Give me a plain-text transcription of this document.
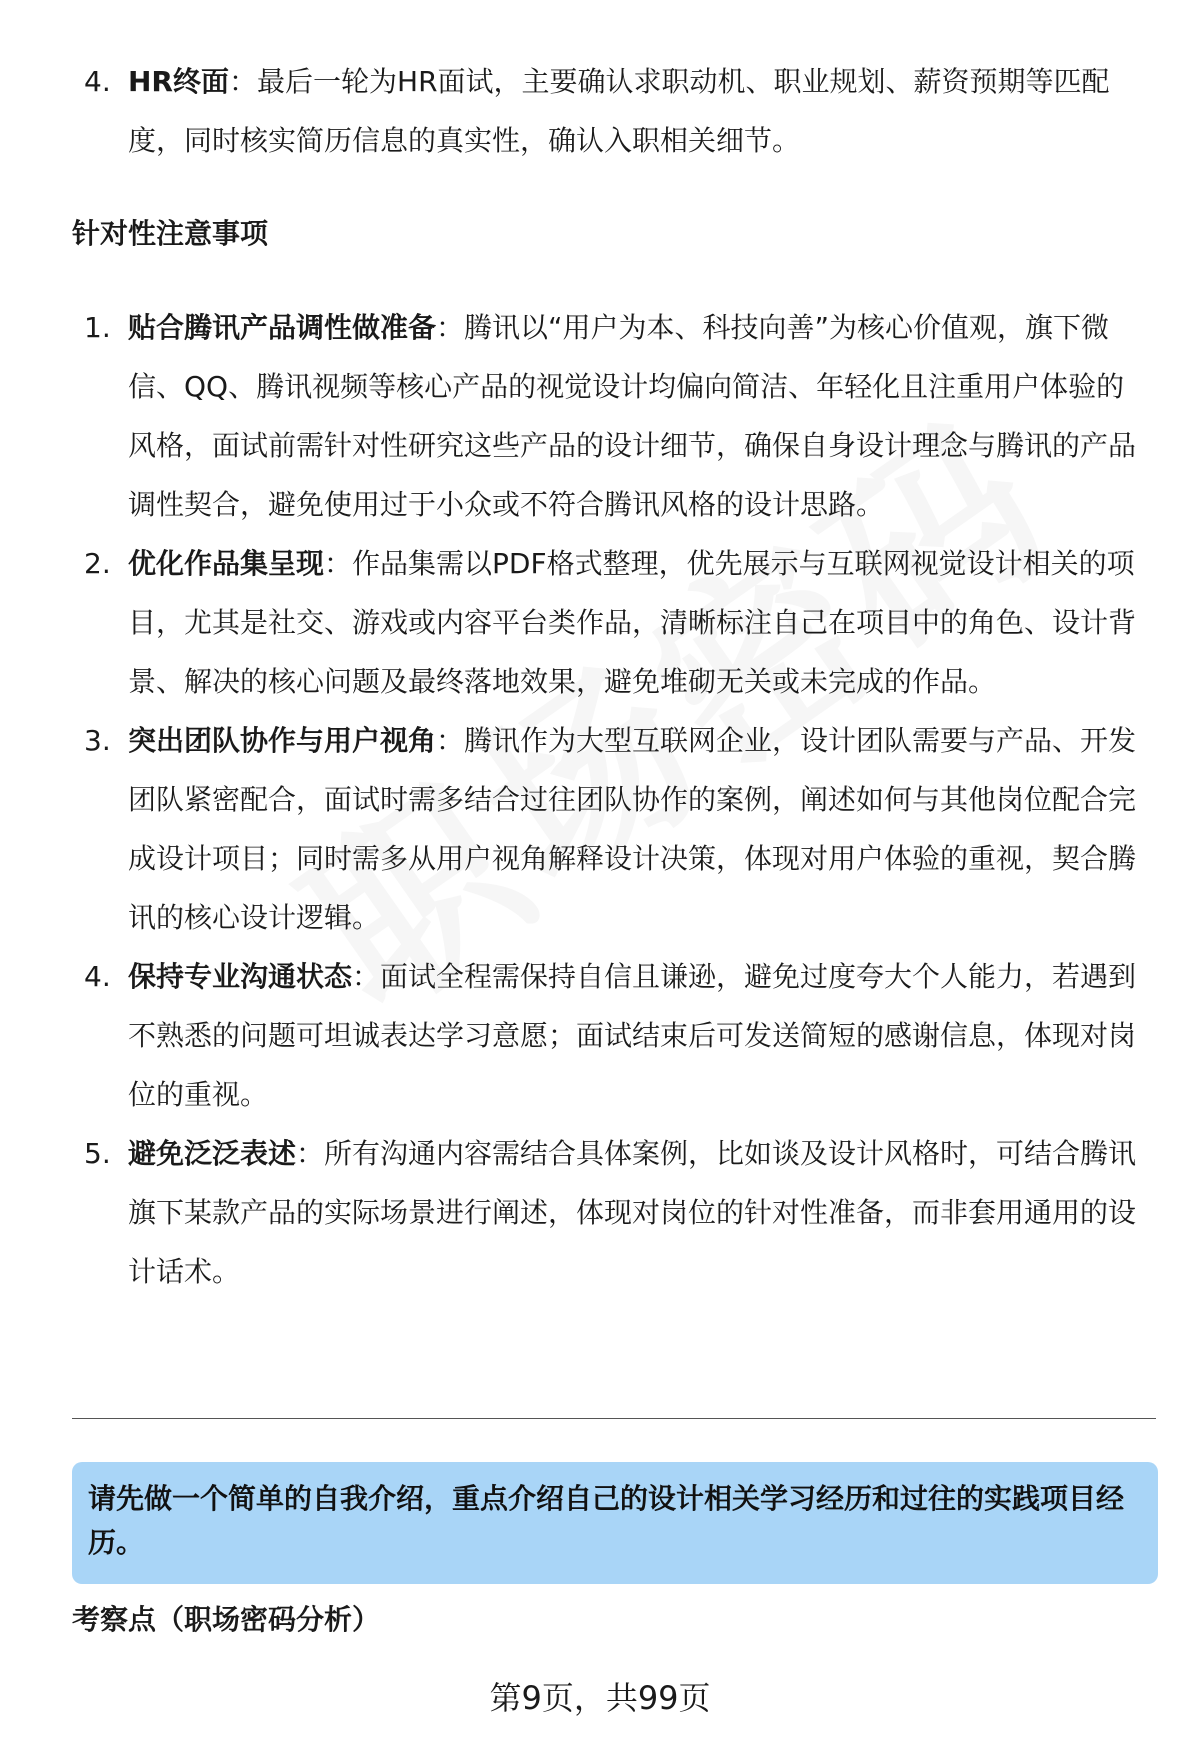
4. HR终面：最后一轮为HR面试，主要确认求职动机、职业规划、薪资预期等匹配度，同时核实简历信息的真实性，确认入职相关细节。
针对性注意事项
1. 贴合腾讯产品调性做准备：腾讯以“用户为本、科技向善”为核心价值观，旗下微信、QQ、腾讯视频等核心产品的视觉设计均偏向简洁、年轻化且注重用户体验的风格，面试前需针对性研究这些产品的设计细节，确保自身设计理念与腾讯的产品调性契合，避免使用过于小众或不符合腾讯风格的设计思路。
2. 优化作品集呈现：作品集需以PDF格式整理，优先展示与互联网视觉设计相关的项目，尤其是社交、游戏或内容平台类作品，清晰标注自己在项目中的角色、设计背景、解决的核心问题及最终落地效果，避免堆砌无关或未完成的作品。
3. 突出团队协作与用户视角：腾讯作为大型互联网企业，设计团队需要与产品、开发团队紧密配合，面试时需多结合过往团队协作的案例，阐述如何与其他岗位配合完成设计项目；同时需多从用户视角解释设计决策，体现对用户体验的重视，契合腾讯的核心设计逻辑。
4. 保持专业沟通状态：面试全程需保持自信且谦逊，避免过度夸大个人能力，若遇到不熟悉的问题可坦诚表达学习意愿；面试结束后可发送简短的感谢信息，体现对岗位的重视。
5. 避免泛泛表述：所有沟通内容需结合具体案例，比如谈及设计风格时，可结合腾讯旗下某款产品的实际场景进行阐述，体现对岗位的针对性准备，而非套用通用的设计话术。
请先做一个简单的自我介绍，重点介绍自己的设计相关学习经历和过往的实践项目经历。
考察点（职场密码分析）
第9页，共99页
